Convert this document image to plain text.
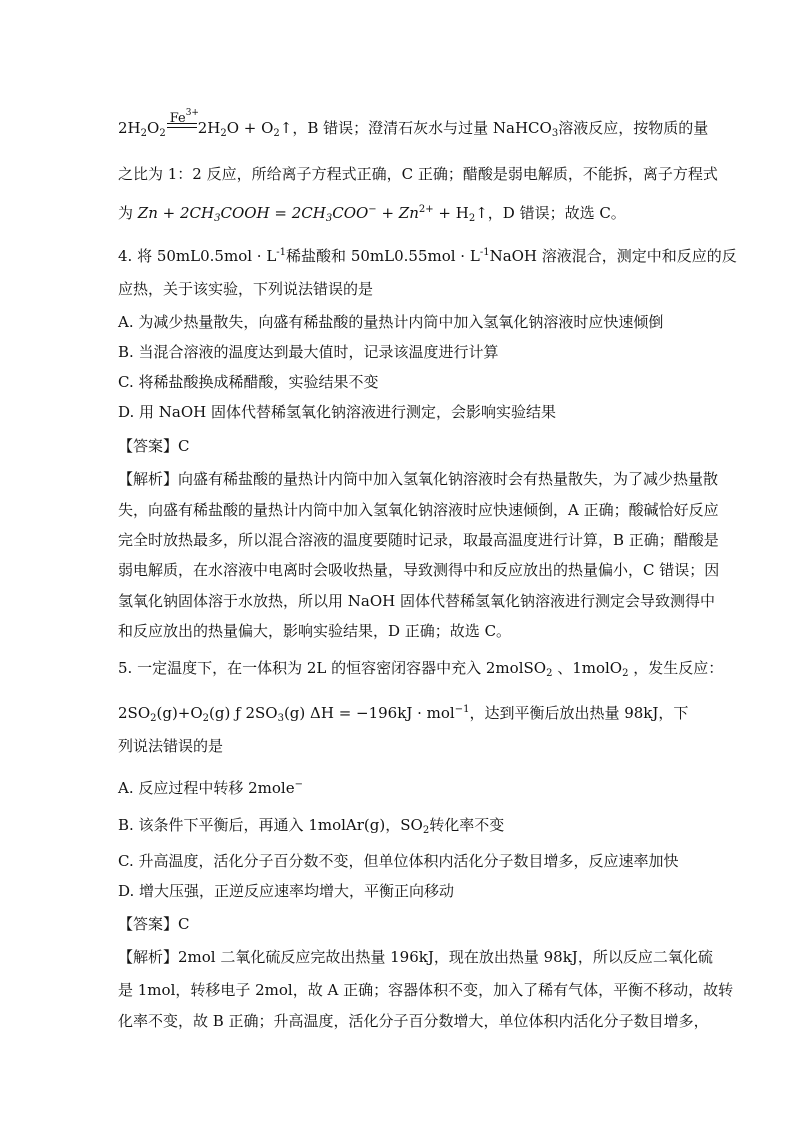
$2H_2O_2$
$Fe^{3+}$
$2H_2O$ + $O_2↑$，B 错误；澄清石灰水与过量 NaHCO$_3$溶液反应，按物质的量
之比为 1：2 反应，所给离子方程式正确，C 正确；醋酸是弱电解质，不能拆，离子方程式
为 $Zn + 2CH_3COOH = 2CH_3COO^- + Zn^{2+}$ + $H_2↑$，D 错误；故选 C。
4. 将 $50mL0.5mol \cdot L^{-1}$稀盐酸和 $50mL0.55mol \cdot L^{-1}NaOH$ 溶液混合，测定中和反应的反
应热，关于该实验，下列说法错误的是
A. 为减少热量散失，向盛有稀盐酸的量热计内筒中加入氢氧化钠溶液时应快速倾倒
B. 当混合溶液的温度达到最大值时，记录该温度进行计算
C. 将稀盐酸换成稀醋酸，实验结果不变
D. 用 NaOH 固体代替稀氢氧化钠溶液进行测定，会影响实验结果
【答案】C
【解析】向盛有稀盐酸的量热计内筒中加入氢氧化钠溶液时会有热量散失，为了减少热量散
失，向盛有稀盐酸的量热计内筒中加入氢氧化钠溶液时应快速倾倒，A 正确；酸碱恰好反应
完全时放热最多，所以混合溶液的温度要随时记录，取最高温度进行计算，B 正确；醋酸是
弱电解质，在水溶液中电离时会吸收热量，导致测得中和反应放出的热量偏小，C 错误；因
氢氧化钠固体溶于水放热，所以用 NaOH 固体代替稀氢氧化钠溶液进行测定会导致测得中
和反应放出的热量偏大，影响实验结果，D 正确；故选 C。
5. 一定温度下，在一体积为 2L 的恒容密闭容器中充入 2molSO$_2$ 、1molO$_2$ ，发生反应：
$2SO_2(g)+O_2(g)$ ƒ $2SO_3(g) \Delta H = -196kJ \cdot mol^{-1}$，达到平衡后放出热量 98kJ，下
列说法错误的是
A. 反应过程中转移 2mole−
B. 该条件下平衡后，再通入 1molAr(g)，$SO_2$转化率不变
C. 升高温度，活化分子百分数不变，但单位体积内活化分子数目增多，反应速率加快
D. 增大压强，正逆反应速率均增大，平衡正向移动
【答案】C
【解析】2mol 二氧化硫反应完故出热量 196kJ，现在放出热量 98kJ，所以反应二氧化硫
是 1mol，转移电子 2mol，故 A 正确；容器体积不变，加入了稀有气体，平衡不移动，故转
化率不变，故 B 正确；升高温度，活化分子百分数增大，单位体积内活化分子数目增多，
